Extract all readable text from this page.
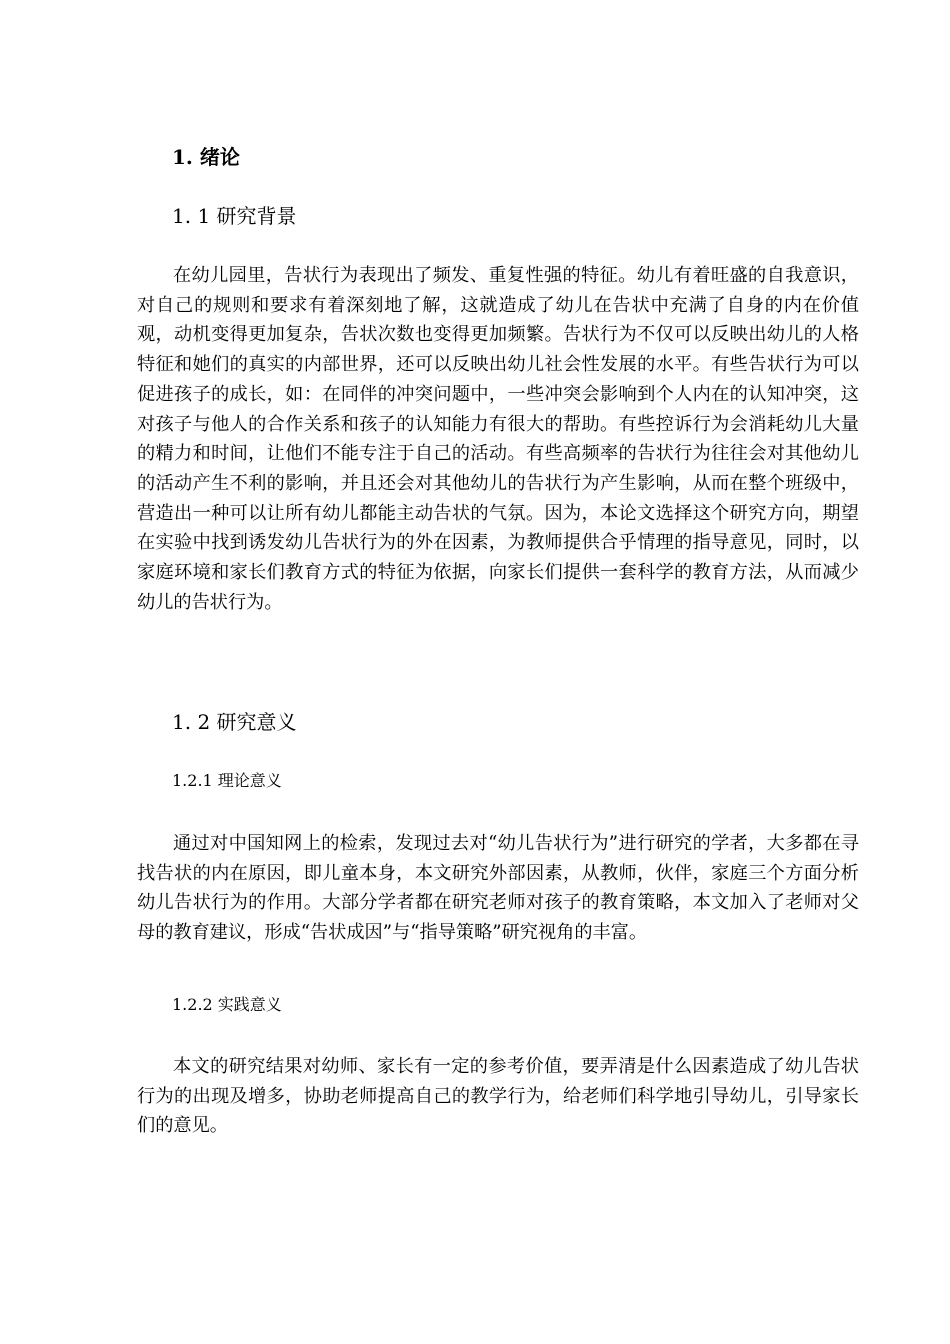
1. 绪论
1. 1 研究背景

在幼儿园里，告状行为表现出了频发、重复性强的特征。幼儿有着旺盛的自我意识，对自己的规则和要求有着深刻地了解，这就造成了幼儿在告状中充满了自身的内在价值观，动机变得更加复杂，告状次数也变得更加频繁。告状行为不仅可以反映出幼儿的人格特征和她们的真实的内部世界，还可以反映出幼儿社会性发展的水平。有些告状行为可以促进孩子的成长，如：在同伴的冲突问题中，一些冲突会影响到个人内在的认知冲突，这对孩子与他人的合作关系和孩子的认知能力有很大的帮助。有些控诉行为会消耗幼儿大量的精力和时间，让他们不能专注于自己的活动。有些高频率的告状行为往往会对其他幼儿的活动产生不利的影响，并且还会对其他幼儿的告状行为产生影响，从而在整个班级中，营造出一种可以让所有幼儿都能主动告状的气氛。因为，本论文选择这个研究方向，期望在实验中找到诱发幼儿告状行为的外在因素，为教师提供合乎情理的指导意见，同时，以家庭环境和家长们教育方式的特征为依据，向家长们提供一套科学的教育方法，从而减少幼儿的告状行为。

1. 2 研究意义
1.2.1 理论意义

通过对中国知网上的检索，发现过去对“幼儿告状行为”进行研究的学者，大多都在寻找告状的内在原因，即儿童本身，本文研究外部因素，从教师，伙伴，家庭三个方面分析幼儿告状行为的作用。大部分学者都在研究老师对孩子的教育策略，本文加入了老师对父母的教育建议，形成“告状成因”与“指导策略”研究视角的丰富。

1.2.2 实践意义

本文的研究结果对幼师、家长有一定的参考价值，要弄清是什么因素造成了幼儿告状行为的出现及增多，协助老师提高自己的教学行为，给老师们科学地引导幼儿，引导家长们的意见。
